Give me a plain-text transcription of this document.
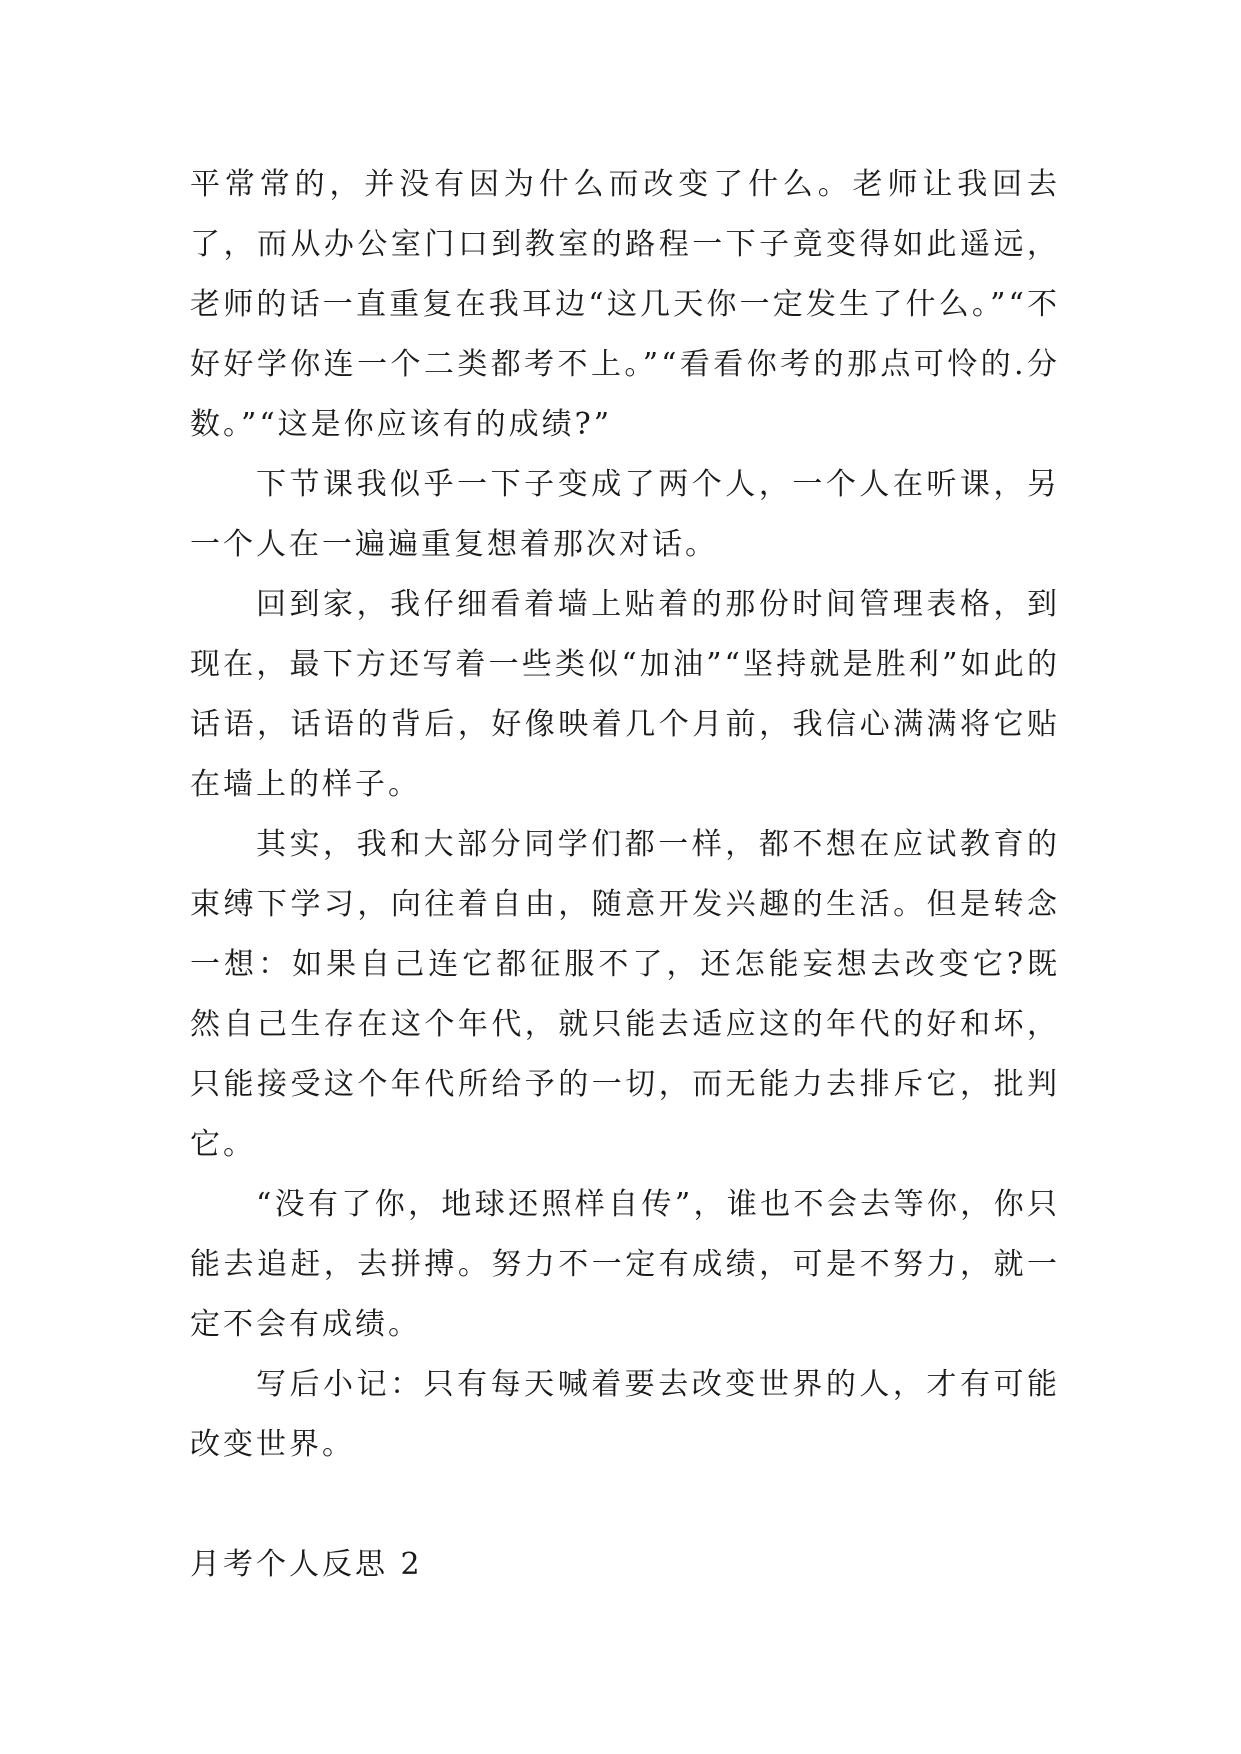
平常常的，并没有因为什么而改变了什么。老师让我回去了，而从办公室门口到教室的路程一下子竟变得如此遥远，老师的话一直重复在我耳边“这几天你一定发生了什么。”“不好好学你连一个二类都考不上。”“看看你考的那点可怜的.分数。”“这是你应该有的成绩?”

下节课我似乎一下子变成了两个人，一个人在听课，另一个人在一遍遍重复想着那次对话。

回到家，我仔细看着墙上贴着的那份时间管理表格，到现在，最下方还写着一些类似“加油”“坚持就是胜利”如此的话语，话语的背后，好像映着几个月前，我信心满满将它贴在墙上的样子。

其实，我和大部分同学们都一样，都不想在应试教育的束缚下学习，向往着自由，随意开发兴趣的生活。但是转念一想：如果自己连它都征服不了，还怎能妄想去改变它?既然自己生存在这个年代，就只能去适应这的年代的好和坏，只能接受这个年代所给予的一切，而无能力去排斥它，批判它。

“没有了你，地球还照样自传”，谁也不会去等你，你只能去追赶，去拼搏。努力不一定有成绩，可是不努力，就一定不会有成绩。

写后小记：只有每天喊着要去改变世界的人，才有可能改变世界。

月考个人反思 2
